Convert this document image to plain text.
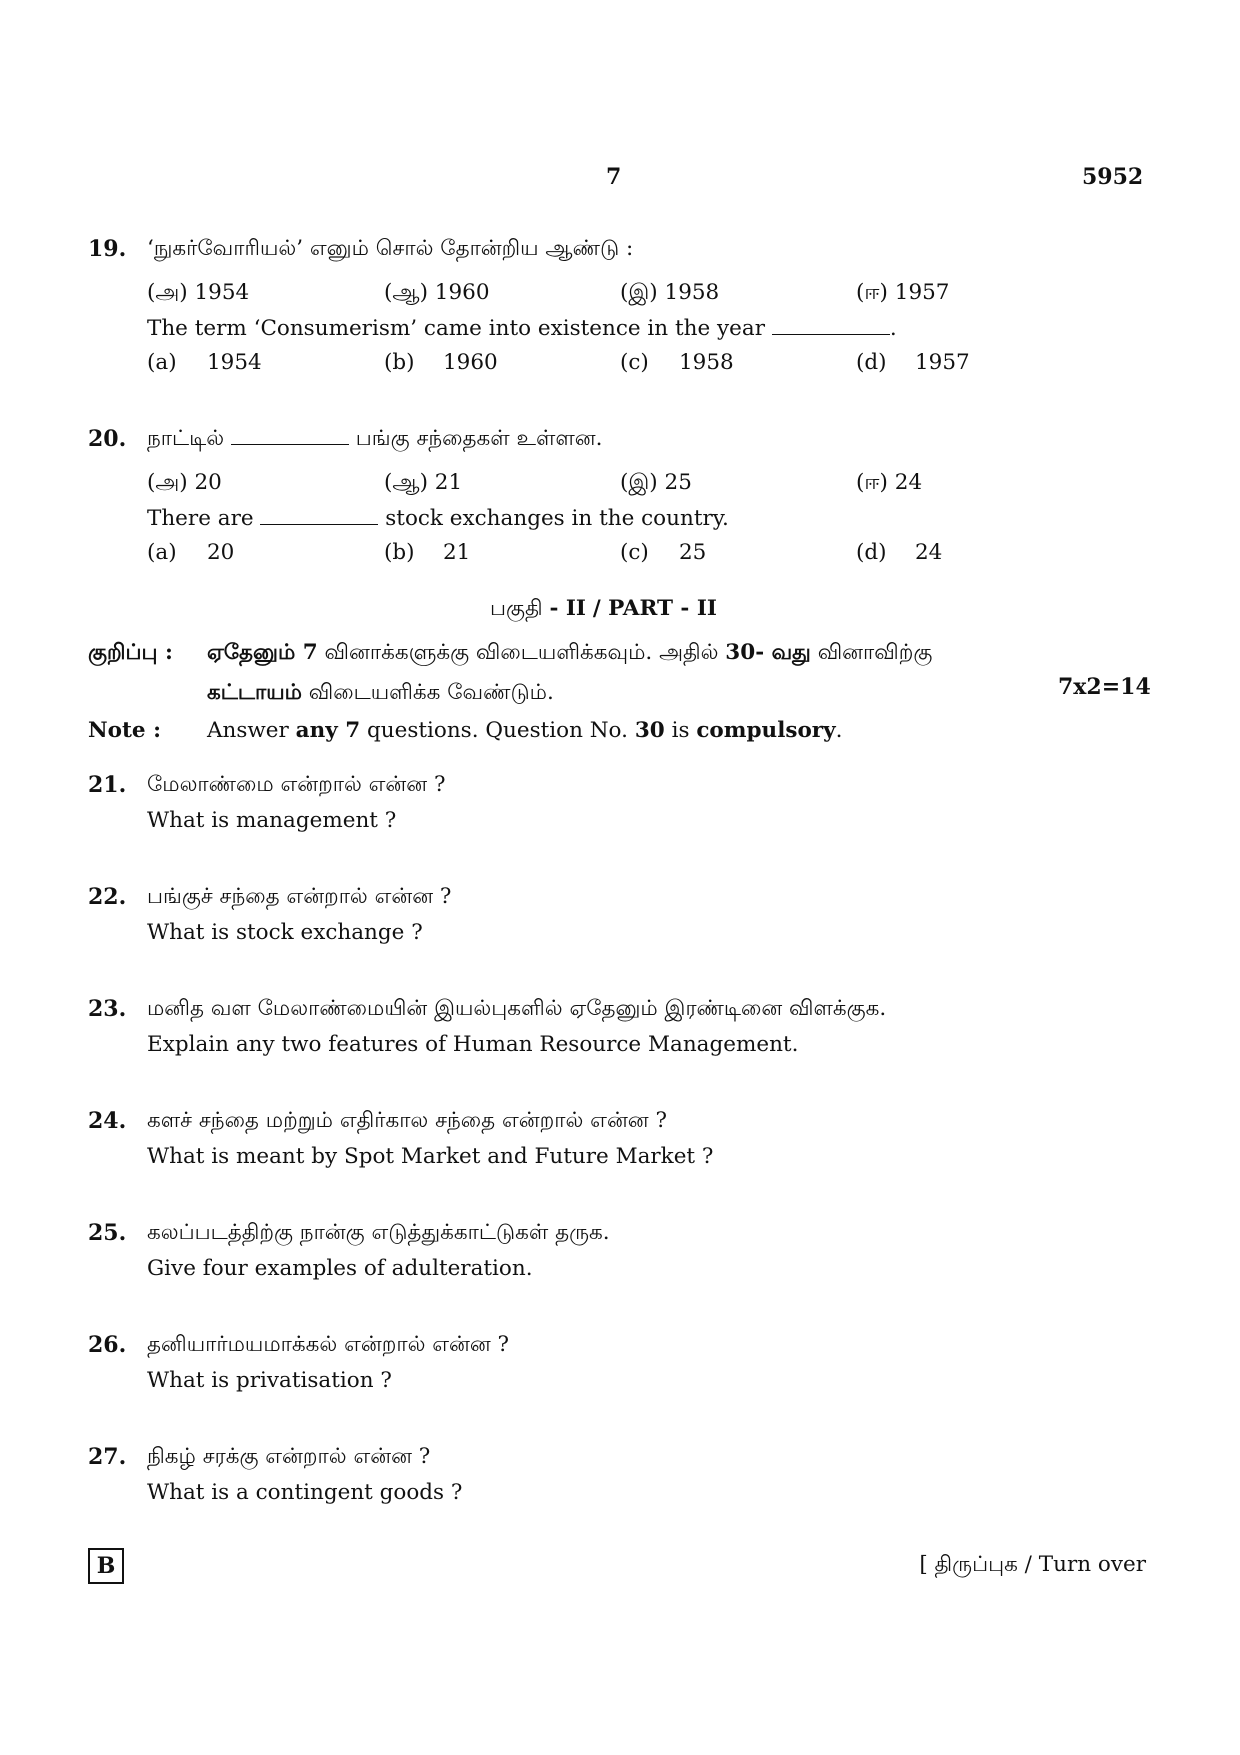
7	5952
19. ‘நுகர்வோரியல்’ எனும் சொல் தோன்றிய ஆண்டு :
(அ) 1954	(ஆ) 1960	(இ) 1958	(ஈ) 1957
The term ‘Consumerism’ came into existence in the year	.
(a) 1954	(b) 1960	(c) 1958	(d) 1957
20. நாட்டில்	பங்கு சந்தைகள் உள்ளன.
(அ) 20	(ஆ) 21	(இ) 25	(ஈ) 24
There are	stock exchanges in the country.
(a) 20	(b) 21	(c) 25	(d) 24
பகுதி - II / PART - II
குறிப்பு : ஏதேனும் 7 வினாக்களுக்கு விடையளிக்கவும். அதில் 30- வது வினாவிற்கு
கட்டாயம் விடையளிக்க வேண்டும்.	7x2=14
Note : Answer any 7 questions. Question No. 30 is compulsory.
21. மேலாண்மை என்றால் என்ன ?
What is management ?
22. பங்குச் சந்தை என்றால் என்ன ?
What is stock exchange ?
23. மனித வள மேலாண்மையின் இயல்புகளில் ஏதேனும் இரண்டினை விளக்குக.
Explain any two features of Human Resource Management.
24. களச் சந்தை மற்றும் எதிர்கால சந்தை என்றால் என்ன ?
What is meant by Spot Market and Future Market ?
25. கலப்படத்திற்கு நான்கு எடுத்துக்காட்டுகள் தருக.
Give four examples of adulteration.
26. தனியார்மயமாக்கல் என்றால் என்ன ?
What is privatisation ?
27. நிகழ் சரக்கு என்றால் என்ன ?
What is a contingent goods ?
B	[ திருப்புக / Turn over
